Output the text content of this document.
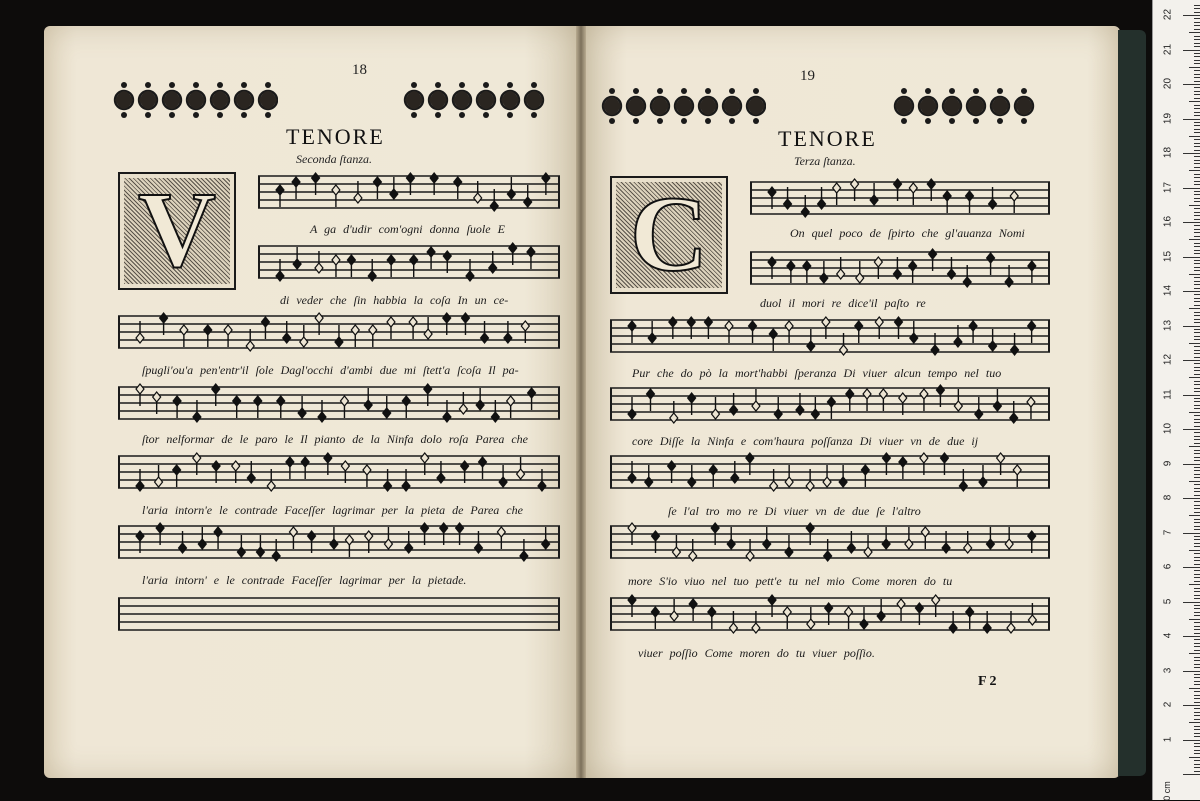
18
TENORE
Seconda ſtanza.
V	A ga d'udir com'ogni donna ſuole E
di veder che ſin habbia la coſa In un ce-
ſpugli'ou'a pen'entr'il ſole Dagl'occhi d'ambi due mi ſtett'a ſcoſa Il pa-
ſtor nelformar de le paro le Il pianto de la Ninfa dolo roſa Parea che
l'aria intorn'e le contrade Faceſſer lagrimar per la pieta de Parea che
l'aria intorn' e le contrade Faceſſer lagrimar per la pietade.
19
TENORE
Terza ſtanza.
C	On quel poco de ſpirto che gl'auanza Nomi
duol il mori re dice'il paſto re
Pur che do pò la mort'habbi ſperanza Di viuer alcun tempo nel tuo
core Diſſe la Ninfa e com'haura poſſanza Di viuer vn de due ij
ſe l'al tro mo re Di viuer vn de due ſe l'altro
more S'io viuo nel tuo pett'e tu nel mio Come moren do tu
viuer poſſio Come moren do tu viuer poſſio.
F 2
0 cm
1
2
3
4
5
6
7
8
9
10
11
12
13
14
15
16
17
18
19
20
21
22
